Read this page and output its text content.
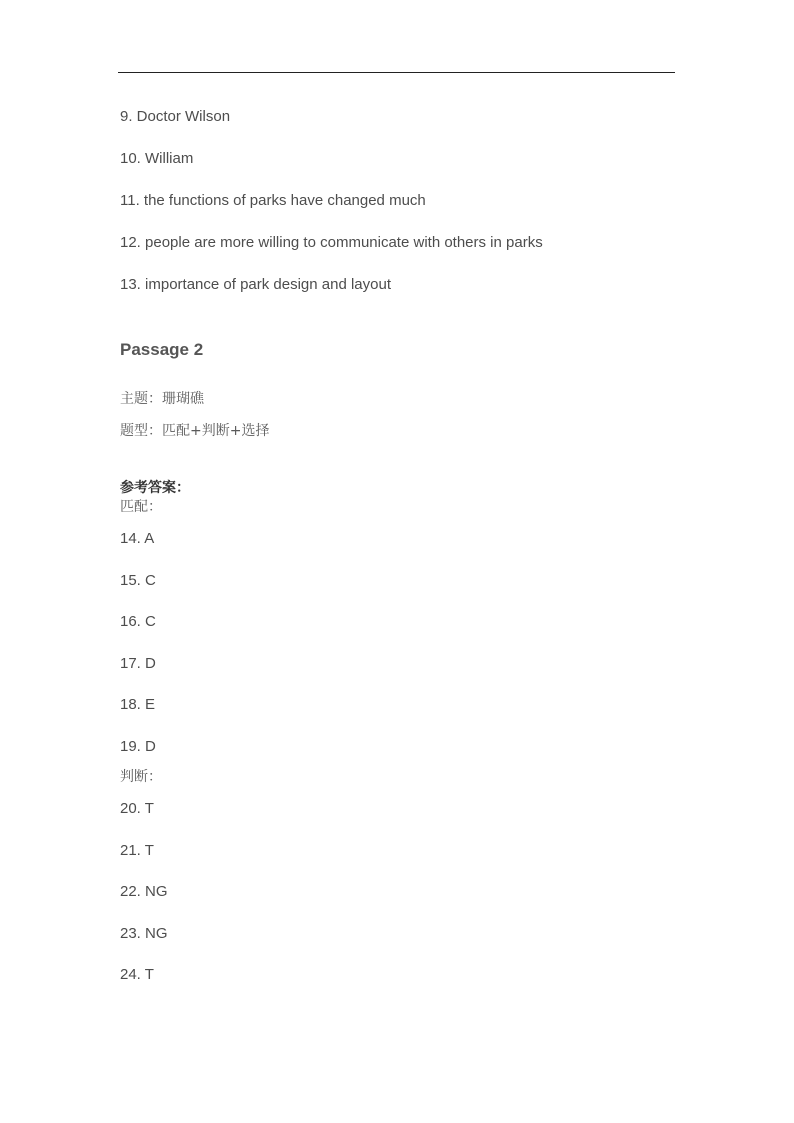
9. Doctor Wilson
10. William
11. the functions of parks have changed much
12. people are more willing to communicate with others in parks
13. importance of park design and layout
Passage 2
主题：珊瑚礁
题型：匹配+判断+选择
参考答案：
匹配：
14. A
15. C
16. C
17. D
18. E
19. D
判断：
20. T
21. T
22. NG
23. NG
24. T
